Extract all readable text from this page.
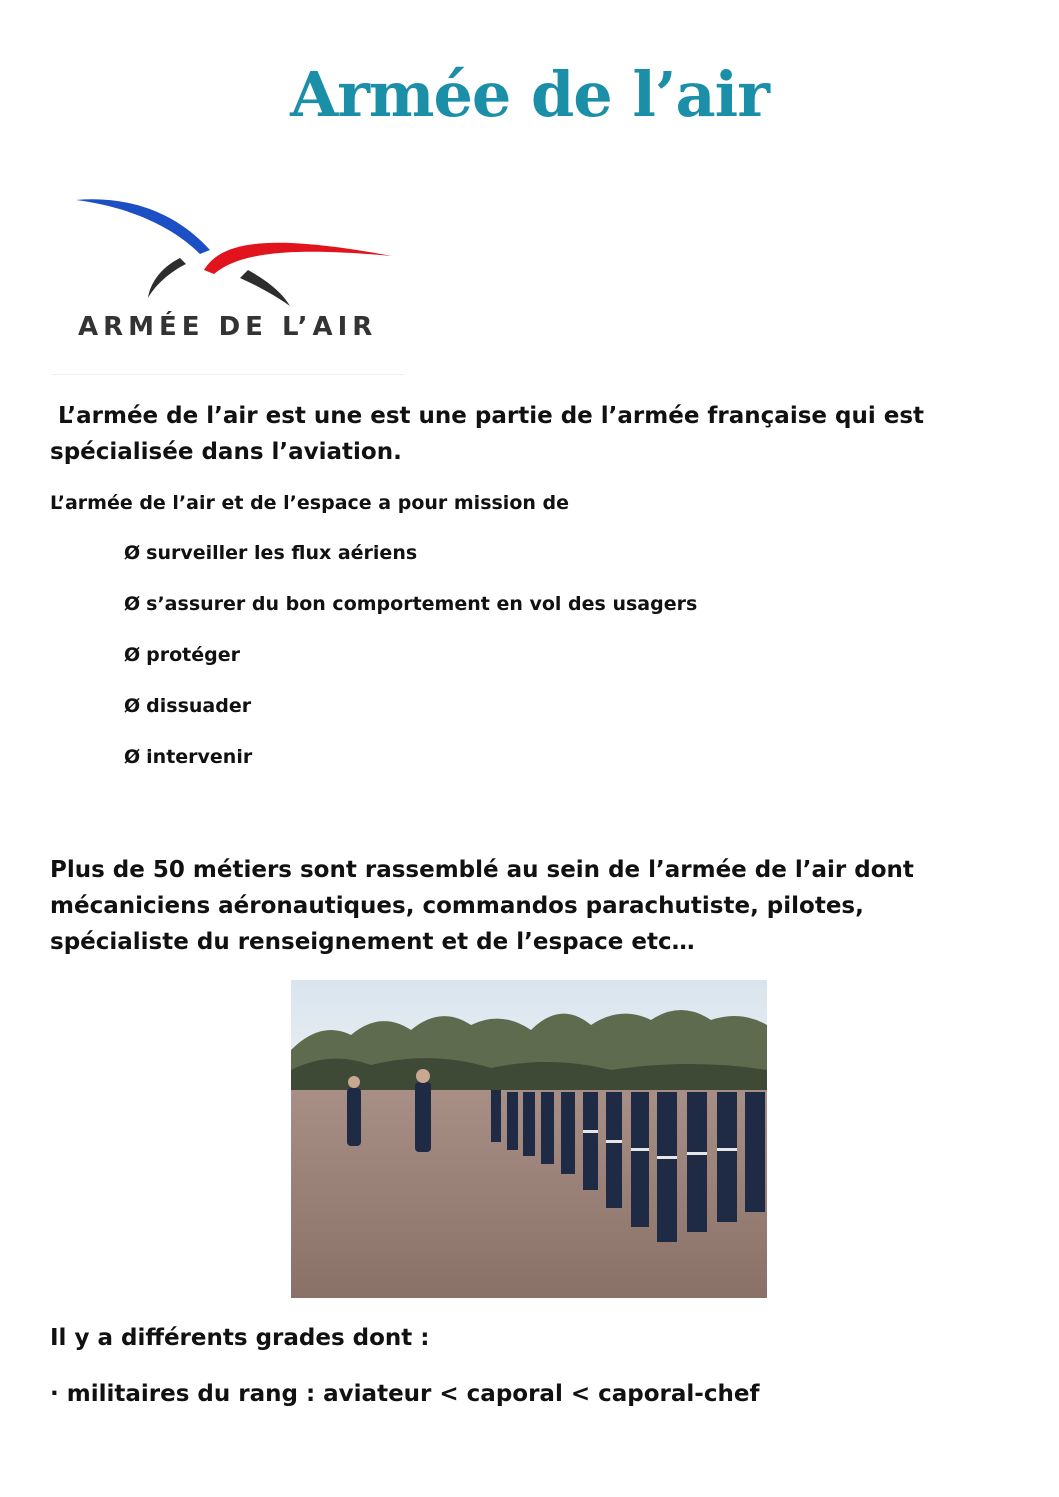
Armée de l’air
ARMÉE DE L’AIR

L’armée de l’air est une est une partie de l’armée française qui est
spécialisée dans l’aviation.

L’armée de l’air et de l’espace a pour mission de

Ø surveiller les flux aériens
Ø s’assurer du bon comportement en vol des usagers
Ø protéger
Ø dissuader
Ø intervenir

Plus de 50 métiers sont rassemblé au sein de l’armée de l’air dont
mécaniciens aéronautiques, commandos parachutiste, pilotes,
spécialiste du renseignement et de l’espace etc…

Il y a différents grades dont :

· militaires du rang : aviateur < caporal < caporal-chef
